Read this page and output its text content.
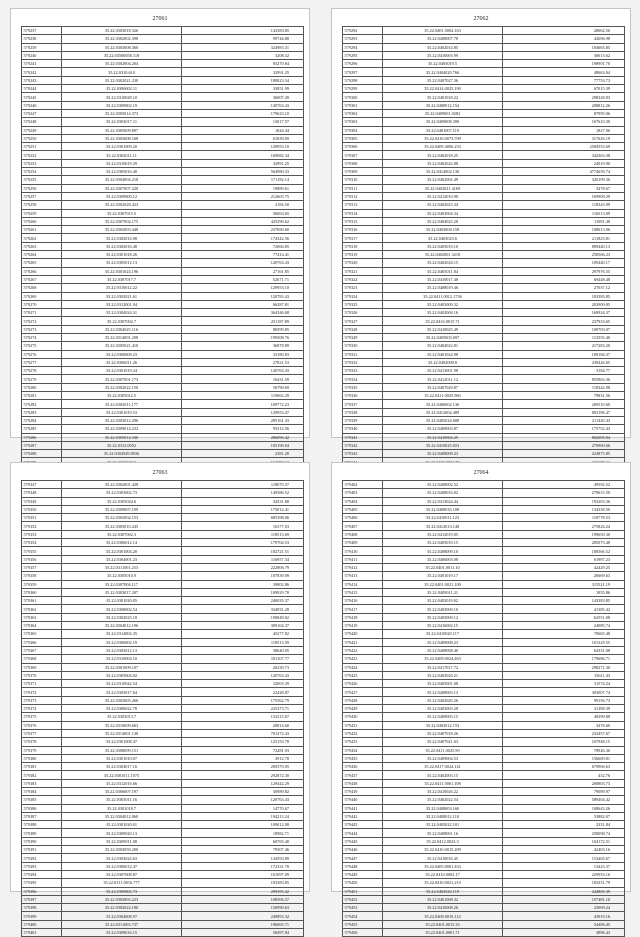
27061
579237	35.22.0303018.326	143383.85
579238	35.22.0302002.398	99744.88
579239	35.22.0303008.360	324983.51
579240	35.22.03500058.118	3208.32
579241	35.22.0302004.204	83270.84
579242	35.22.0310.610	32991.25
579243	35.22.0302021.230	180823.34
579244	35.22.0306002.11	33851.99
579245	35.22.0310028.10	36007.49
579246	35.22.0309002.19	120763.43
579247	35.22.0305014.373	179623.10
579248	35.22.0303017.11	13017.57
579249	35.22.0305009.897	1844.44
579250	35.22.0303008.168	61839.09
579251	35.22.0301009.20	129953.10
579252	35.22.0302011.11	169082.34
579253	35.22.0310019.29	32991.25
579254	35.22.0305016.40	564980.33
579255	35.22.0304004.218	171182.14
579256	35.22.0307007.220	19889.61
579257	35.22.0309000.12	212605.75
579258	35.22.0302028.423	2184.50
579259	35.22.0307015.5	56063.65
579260	35.22.0307002.175	425290.62
579261	35.22.0302003.448	237690.60
579262	35.22.0302014.98	174342.56
579263	35.22.0302016.48	72066.85
579264	35.22.0301018.26	77414.41
579265	35.22.0305012.13	120763.43
579266	35.22.0301024.196	27161.85
579267	35.22.0307017.7	52671.71
579268	35.22.0310012.22	129953.10
579269	35.22.0302021.61	120783.43
579270	35.22.0312001.94	66287.81
579271	35.22.0304024.31	364346.68
579272	35.22.0307002.7	251187.89
579273	35.22.0304025.116	80599.85
579274	35.22.0314001.208	199508.76
579275	35.22.0305021.410	36878.89
579276	35.22.0300009.23	33180.83
579277	35.22.0306011.26	27821.53
579278	35.22.0301019.24	120763.43
579279	35.22.0307001.173	16431.59
579280	35.22.0302022.150	56790.69
579281	35.22.0305012.5	119662.29
579282	35.22.0302011.177	109772.23
579283	35.22.0301019.53	129953.47
579284	35.22.0303012.296	285161.33
579285	35.22.0309014.232	95312.56
579286	35.22.0305014.330	286090.42
579287	35.22.0312.0052	105190.04
579288	35.22.0302029.8036	2381.20

27062
579292	35.22.0401.5004.163	28062.56
579293	35.22.0408007.78	42696.98
579294	35.22.0402014.85	104665.85
579295	35.22.0410003.99	30613.62
579296	35.22.0403019.5	198901.70
579297	35.22.0404020.766	48663.04
579298	35.22.0407027.36	77753.73
579299	35.22.0414.0025.190	67015.39
579300	35.22.0401018.22	298328.83
579301	35.22.0408012.154	208812.26
579302	35.22.0409001.0282	87995.06
579303	35.22.0409008.398	167610.30
579304	35.22.0401007.119	1827.96
579305	35.22.0416.0073.709	317626.19
579306	35.22.0409.4006.233	2584553.69
579307	35.22.0402018.25	342363.38
579308	35.22.0402022.88	24019.90
579309	35.22.0414002.130	4774639.74
579310	35.22.0402002.49	320199.36
579311	35.22.0402021.4169	3478.67
579312	35.22.0412010.90	169909.29
579313	35.22.0402023.34	118343.99
579314	35.22.0403004.34	116513.99
579315	35.22.0404023.28	11081.48
579316	35.22.0403004.158	108613.96
579317	35.22.0403023.6	211823.81
579318	35.22.0405019.10	889440.13
579319	35.22.0402001.3218	258566.23
579320	35.22.0402024.15	109440.17
579321	35.22.0405011.84	297976.55
579322	35.22.0410017.48	69448.48
579323	35.22.0408019.46	27037.12
579324	35.22.0411.0012.1736	183383.85
579325	35.22.0403009.32	203909.05
579326	35.22.0402004.16	169924.37
579327	35.22.0416.0015.71	237933.65
579328	35.22.0410025.49	109703.07
579329	35.22.0405003.697	113555.40
579330	35.22.0404022.81	217283.20
579331	35.22.0401024.98	109166.37
579332	35.22.0402009.8	239426.65
579333	35.22.0413001.98	3184.77
579334	35.22.0412011.12	855863.36
579335	35.22.0407029.87	118342.98
579336	35.22.0411.0025.960	79831.56
579337	35.22.0406002.136	209510.60
579338	35.22.0412004.489	803196.47
579339	35.22.0405024.608	211420.43
579340	35.22.0409003.87	175752.43
579341	35.22.0410004.25	802005.04
579342	35.22.0410025.653	270969.66
579343	35.22.0408009.23	224875.85

27063
579347	35.22.0302001.428	118070.37
579348	35.22.0303002.73	149386.52
579349	35.22.0305024.6	34331.88
579350	35.22.0309007.199	175012.41
579351	35.22.0302002.153	685398.06
579352	35.22.0305010.245	16377.03
579353	35.22.0307002.3	118513.69
579354	35.22.0306012.14	179704.53
579355	35.22.0301004.20	182721.51
579356	35.22.0304001.23	116957.34
579357	35.22.0311001.253	222806.79
579358	35.22.0305010.9	107839.09
579359	35.22.0307004.117	39802.86
579360	35.22.0303017.207	109829.78
579361	35.22.0301020.05	240035.37
579362	35.22.0308002.54	334931.28
579363	35.22.0302025.18	190849.02
579364	35.22.0304012.196	309104.37
579365	35.22.0314004.35	45277.82
579366	35.22.0306002.19	118513.59
579367	35.22.0303012.13	38640.05
579368	35.22.0310004.10	181107.77
579369	35.22.0301009.107	20239.73
579370	35.22.0305004.02	120763.43
579371	35.22.0310042.54	32003.39
579372	35.22.0303017.64	22428.87
579373	35.22.0303005.266	175562.79
579374	35.22.0306022.78	225373.71
579375	35.22.0303013.7	133215.07
579376	35.22.0310009.603	20814.60
579377	35.22.0314001.138	701272.43
579378	35.22.0301008.47	125153.78
579379	35.22.0308009.151	72281.93
579380	35.22.0301010.07	3912.78
579381	35.22.0304017.16	209379.05
579382	35.22.0301011.1075	292872.30
579383	35.22.0312016.66	129442.29
579384	35.22.0306007.197	30989.82
579385	35.22.0305011.16	120763.43
579386	35.22.0301018.7	14770.67
579387	35.22.0304012.060	194213.24
579388	35.22.0301020.01	109012.08
579389	35.22.0309020.13	18982.71
579390	35.22.0309011.08	60765.40
579391	35.22.0303059.200	79507.46
579392	35.22.0303024.63	134593.89
579393	35.22.0306012.47	172331.78
579394	35.22.0307008.87	101097.09
579395	35.22.0311.0016.777	183383.85
579396	35.22.0309002.73	299395.42
579397	35.22.0303003.223	108506.37
579398	35.22.0302024.180	150990.63
579399	35.22.0304008.97	249893.32
579400	35.22.0311003.737	196065.71
579401	35.22.0309016.15	58497.84
27064
579402	35.22.0408002.52	49592.52
579403	35.22.0408033.02	279615.50
579404	35.22.0413024.44	193203.36
579405	35.22.0408035.108	134358.50
579406	35.22.0410011.123	118778.53
579407	35.22.0412013.148	275824.24
579408	35.22.0412019.05	199650.30
579409	35.22.0405010.15	285073.48
579410	35.22.0408009.10	180566.52
579411	35.22.0406003.08	61987.23
579412	35.22.0401.0011.10	42429.25
579413	35.22.0401019.17	26669.63
579414	35.22.0401.0021.100	315521.19
579415	35.22.0409011.21	1855.86
579416	35.22.0402019.02	143383.85
579417	35.22.0403009.10	41385.42
579418	35.22.0405009.12	62551.08
579419	35.22.0416002.15	24085.74
579420	35.22.0410020.117	70665.48
579421	35.22.0409008.23	101329.55
579422	35.22.0408008.40	64331.08
579423	35.22.0409.0024.463	179686.71
579424	35.22.0417017.72	298271.30
579425	35.22.0403020.21	15611.43
579426	35.22.0405001.08	31574.24
579427	35.22.0408003.13	303007.74
579428	35.22.0402020.26	99156.73
579429	35.22.0403003.28	31288.39
579430	35.22.0409005.15	48399.88
579431	35.22.0403012.153	3476.60
579432	35.22.0407018.26	233457.67
579433	35.22.0407021.63	107948.15
579434	35.22.0411.0025.90	78926.36
579435	35.22.0409004.53	156669.81
579436	35.22.0417.0024.141	679966.63
579437	35.22.0402003.15	432.76
579438	35.22.0411.0001.108	208803.73
579439	35.22.0410026.22	79089.97
579440	35.22.0402022.54	589404.42
579441	35.22.0408003.160	108643.26
579442	35.22.0408012.110	53882.07
579443	35.22.0405022.101	2331.84
579444	35.22.0408001.16	258098.74
579445	35.22.0412.0023.3	104172.51
579446	35.22.0416.0015.209	42403.16
579447	35.22.0410016.45	153465.67
579448	35.22.0405.0001.433	13423.37
579449	35.22.0410.0002.17	229953.16
579450	35.22.0410.0021.210	183331.79
579451	35.22.0402020.119	244865.39
579452	35.22.0401008.32	107481.10
579453	35.22.0410008.26	23069.24
579454	35.22.0408.0019.114	43919.16
579455	35.22.0401.0015.33	54406.45
579456	35.22.0401.0001.71	3896.43
